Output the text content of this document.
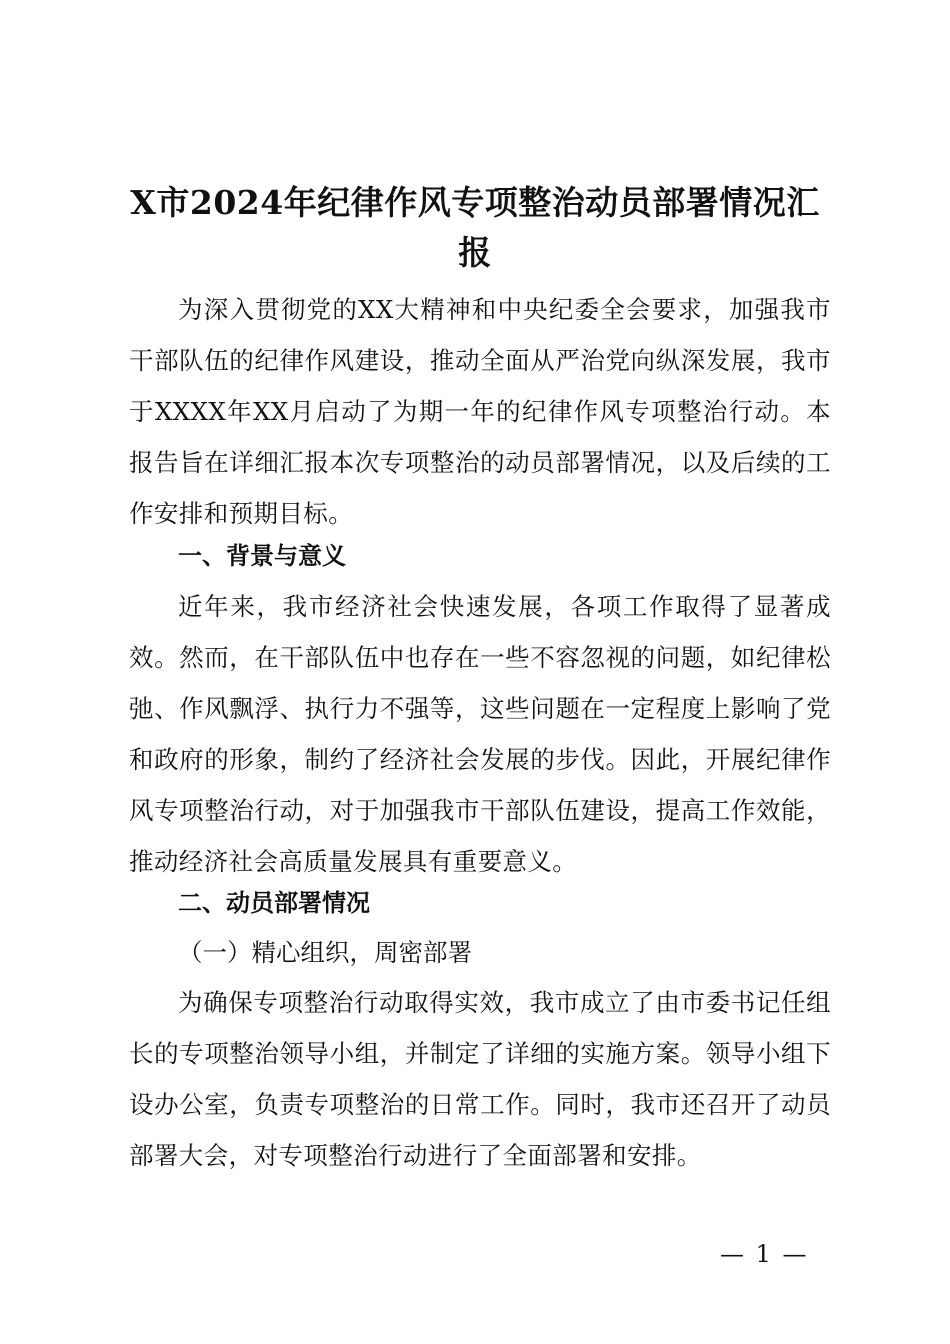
X市2024年纪律作风专项整治动员部署情况汇报

为深入贯彻党的XX大精神和中央纪委全会要求，加强我市干部队伍的纪律作风建设，推动全面从严治党向纵深发展，我市于XXXX年XX月启动了为期一年的纪律作风专项整治行动。本报告旨在详细汇报本次专项整治的动员部署情况，以及后续的工作安排和预期目标。

一、背景与意义

近年来，我市经济社会快速发展，各项工作取得了显著成效。然而，在干部队伍中也存在一些不容忽视的问题，如纪律松弛、作风飘浮、执行力不强等，这些问题在一定程度上影响了党和政府的形象，制约了经济社会发展的步伐。因此，开展纪律作风专项整治行动，对于加强我市干部队伍建设，提高工作效能，推动经济社会高质量发展具有重要意义。

二、动员部署情况
（一）精心组织，周密部署

为确保专项整治行动取得实效，我市成立了由市委书记任组长的专项整治领导小组，并制定了详细的实施方案。领导小组下设办公室，负责专项整治的日常工作。同时，我市还召开了动员部署大会，对专项整治行动进行了全面部署和安排。

— 1 —
